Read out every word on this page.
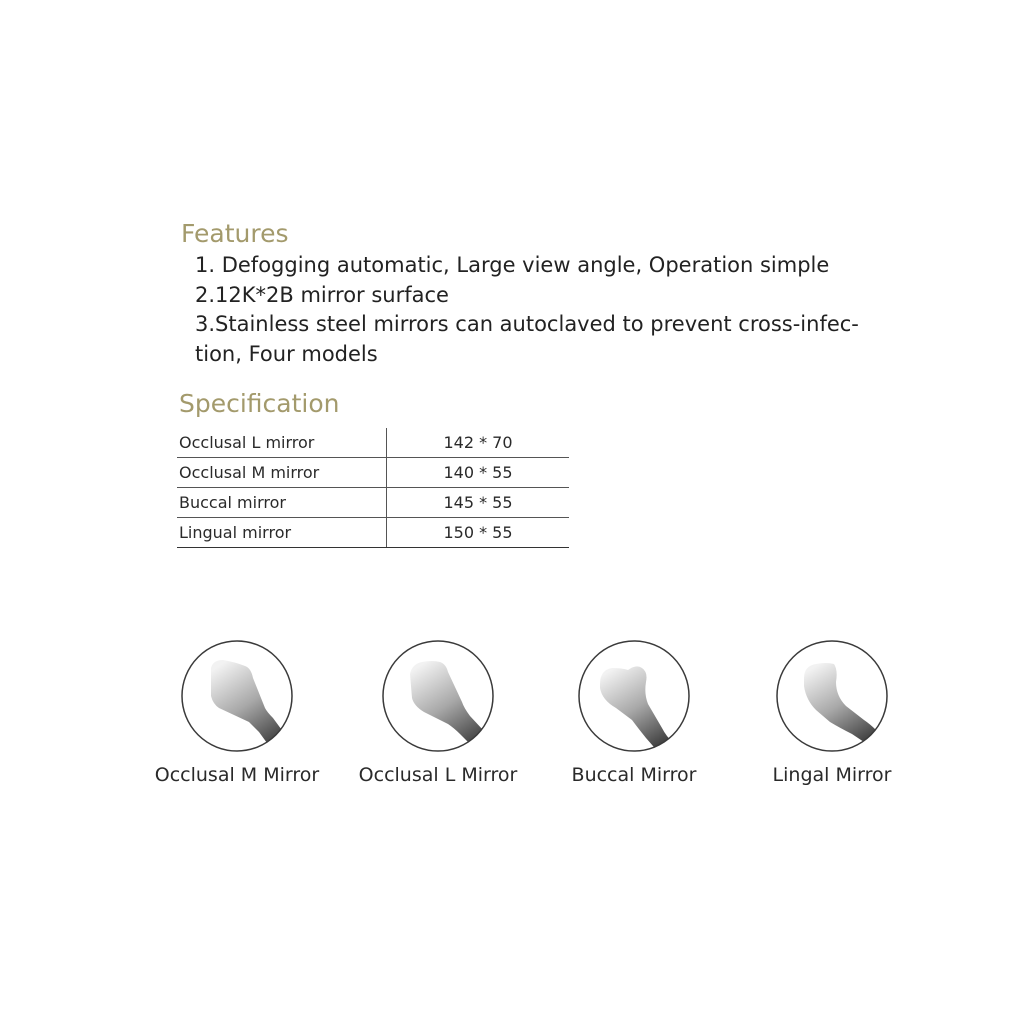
Features
1. Defogging automatic, Large view angle, Operation simple
2.12K*2B mirror surface
3.Stainless steel mirrors can autoclaved to prevent cross-infec-
tion, Four models
Specification
Occlusal L mirror	142 * 70
Occlusal M mirror	140 * 55
Buccal mirror	145 * 55
Lingual mirror	150 * 55
Occlusal M Mirror	Occlusal L Mirror	Buccal Mirror	Lingal Mirror
